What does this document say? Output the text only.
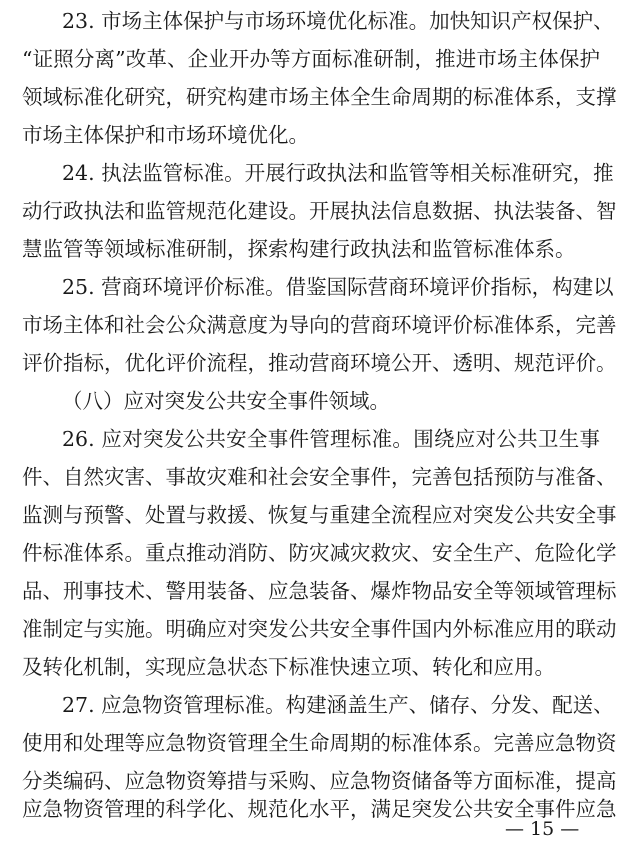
23. 市场主体保护与市场环境优化标准。加快知识产权保护、
“证照分离”改革、企业开办等方面标准研制，推进市场主体保护
领域标准化研究，研究构建市场主体全生命周期的标准体系，支撑
市场主体保护和市场环境优化。
24. 执法监管标准。开展行政执法和监管等相关标准研究，推
动行政执法和监管规范化建设。开展执法信息数据、执法装备、智
慧监管等领域标准研制，探索构建行政执法和监管标准体系。
25. 营商环境评价标准。借鉴国际营商环境评价指标，构建以
市场主体和社会公众满意度为导向的营商环境评价标准体系，完善
评价指标，优化评价流程，推动营商环境公开、透明、规范评价。
（八）应对突发公共安全事件领域。
26. 应对突发公共安全事件管理标准。围绕应对公共卫生事
件、自然灾害、事故灾难和社会安全事件，完善包括预防与准备、
监测与预警、处置与救援、恢复与重建全流程应对突发公共安全事
件标准体系。重点推动消防、防灾减灾救灾、安全生产、危险化学
品、刑事技术、警用装备、应急装备、爆炸物品安全等领域管理标
准制定与实施。明确应对突发公共安全事件国内外标准应用的联动
及转化机制，实现应急状态下标准快速立项、转化和应用。
27. 应急物资管理标准。构建涵盖生产、储存、分发、配送、
使用和处理等应急物资管理全生命周期的标准体系。完善应急物资
分类编码、应急物资筹措与采购、应急物资储备等方面标准，提高
应急物资管理的科学化、规范化水平，满足突发公共安全事件应急
— 15 —
